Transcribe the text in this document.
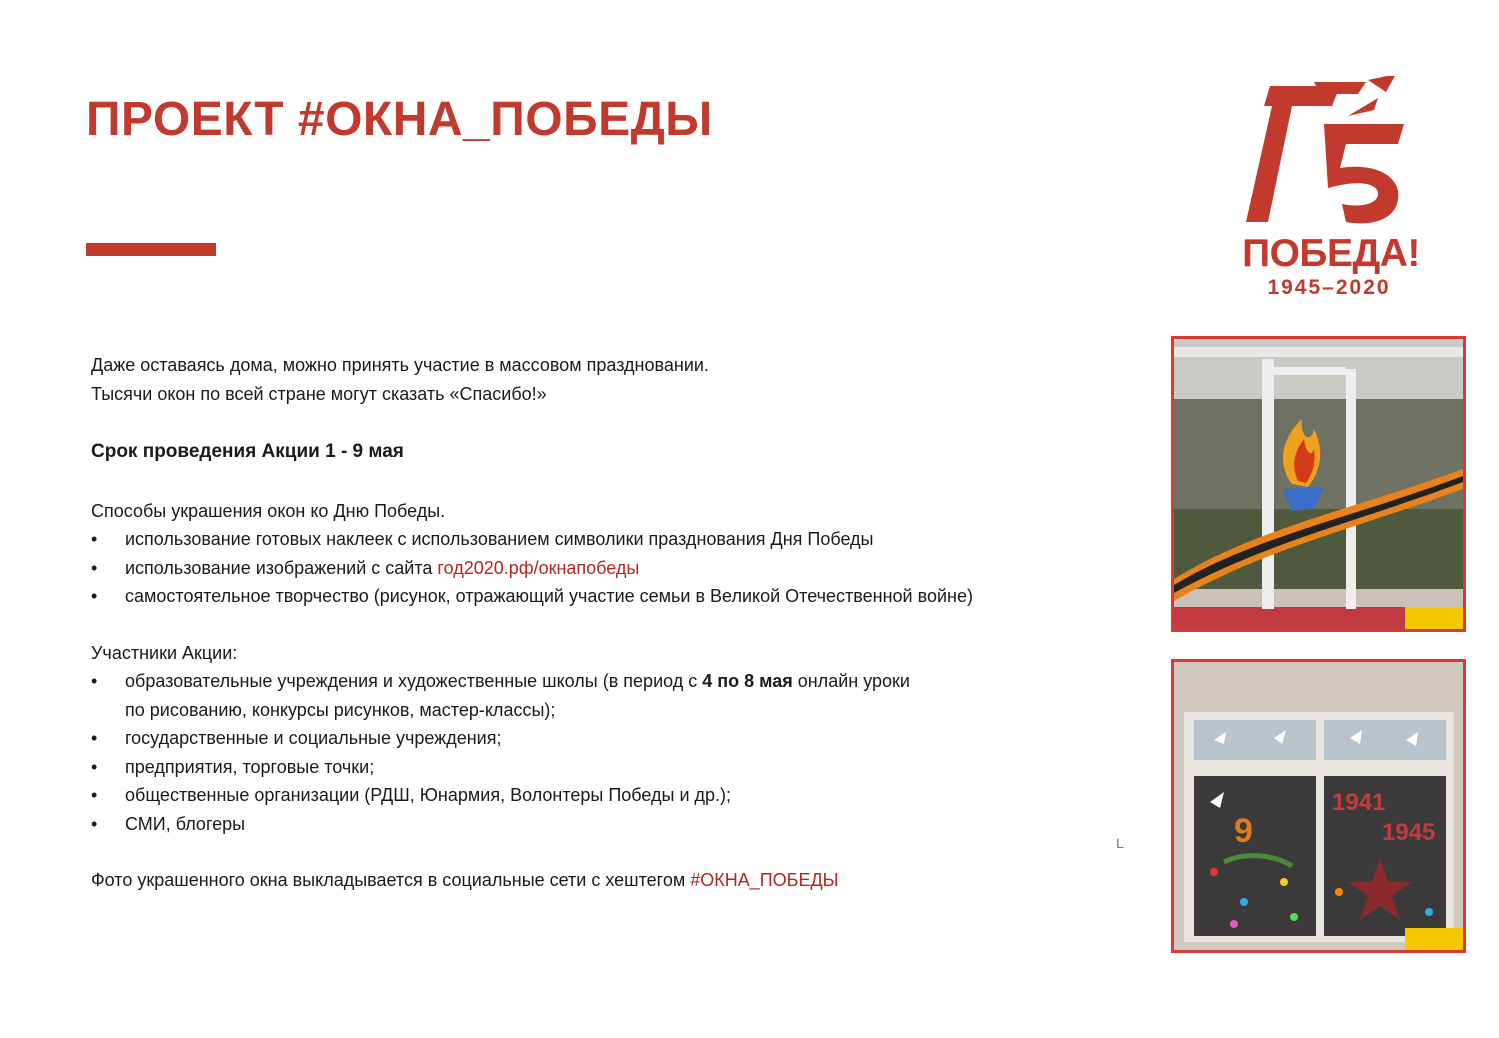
ПРОЕКТ #ОКНА_ПОБЕДЫ
ПОБЕДА!
1945–2020

Даже оставаясь дома, можно принять участие в массовом праздновании.

Тысячи окон по всей стране могут сказать «Спасибо!»

Срок проведения Акции 1 - 9 мая

Способы украшения окон ко Дню Победы.

• использование готовых наклеек с использованием символики празднования Дня Победы
• использование изображений с сайта год2020.рф/окнапобеды
• самостоятельное творчество (рисунок, отражающий участие семьи в Великой Отечественной войне)

Участники Акции:

• образовательные учреждения и художественные школы (в период с 4 по 8 мая онлайн уроки
по рисованию, конкурсы рисунков, мастер-классы);
• государственные и социальные учреждения;
• предприятия, торговые точки;
• общественные организации (РДШ, Юнармия, Волонтеры Победы и др.);
• СМИ, блогеры

Фото украшенного окна выкладывается в социальные сети с хештегом #ОКНА_ПОБЕДЫ

L
1941
1945
9
